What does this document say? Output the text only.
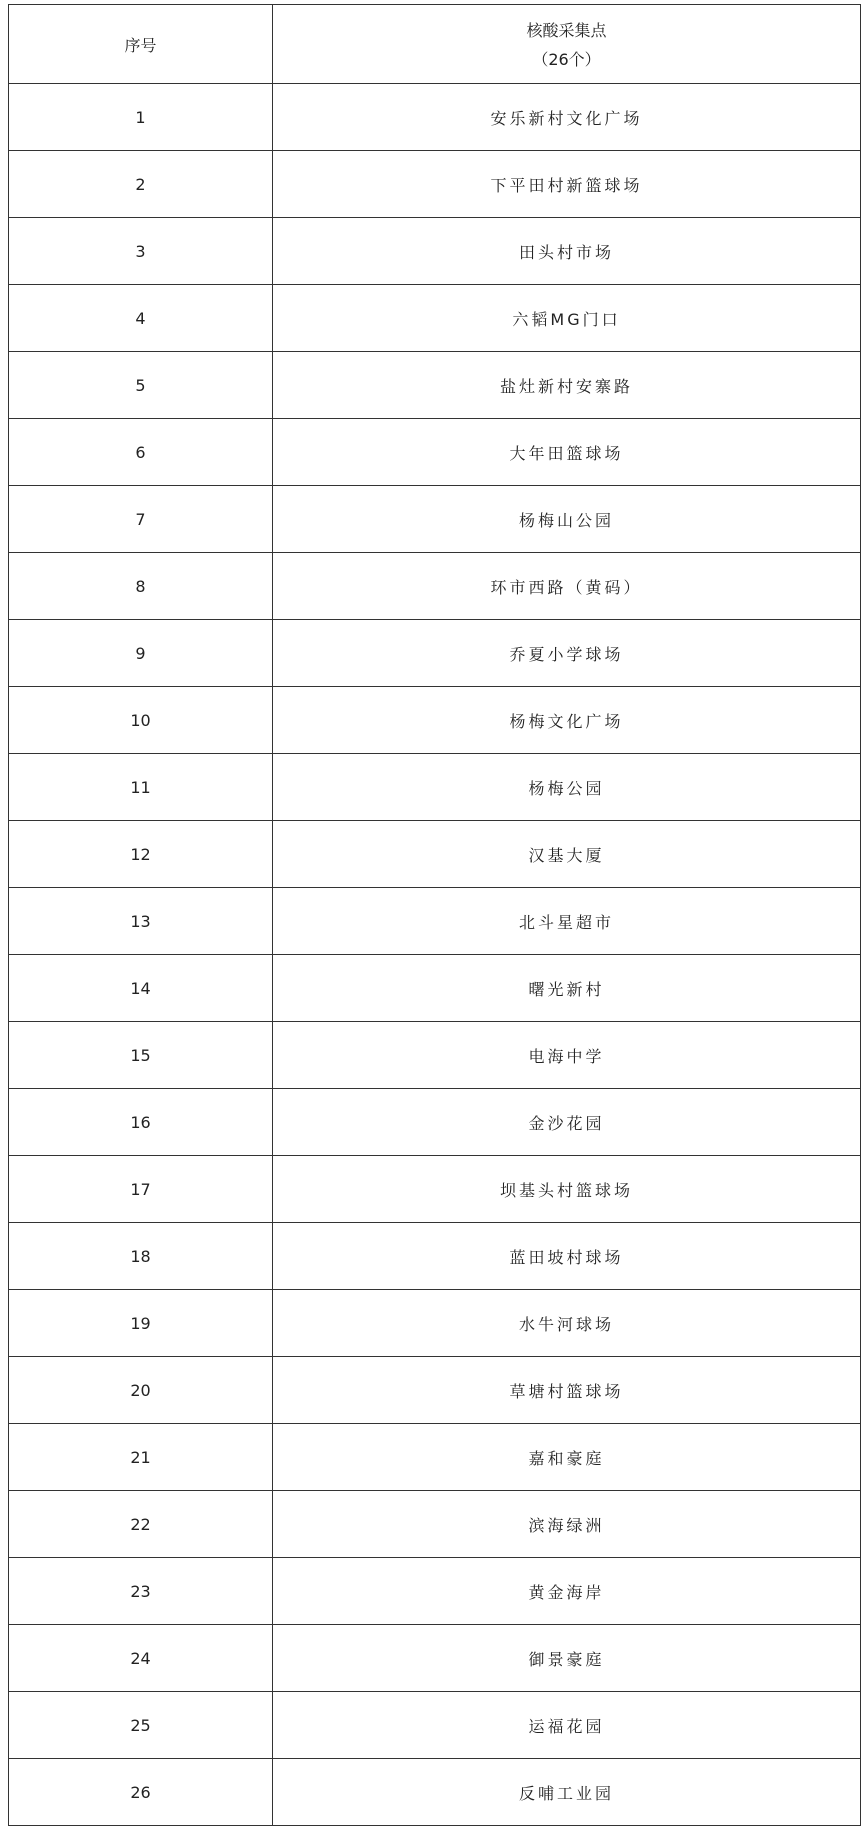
序号	核酸采集点
（26个）

1	安乐新村文化广场
2	下平田村新篮球场
3	田头村市场
4	六韬MG门口
5	盐灶新村安寨路
6	大年田篮球场
7	杨梅山公园
8	环市西路（黄码）
9	乔夏小学球场
10	杨梅文化广场
11	杨梅公园
12	汉基大厦
13	北斗星超市
14	曙光新村
15	电海中学
16	金沙花园
17	坝基头村篮球场
18	蓝田坡村球场
19	水牛河球场
20	草塘村篮球场
21	嘉和豪庭
22	滨海绿洲
23	黄金海岸
24	御景豪庭
25	运福花园
26	反哺工业园
